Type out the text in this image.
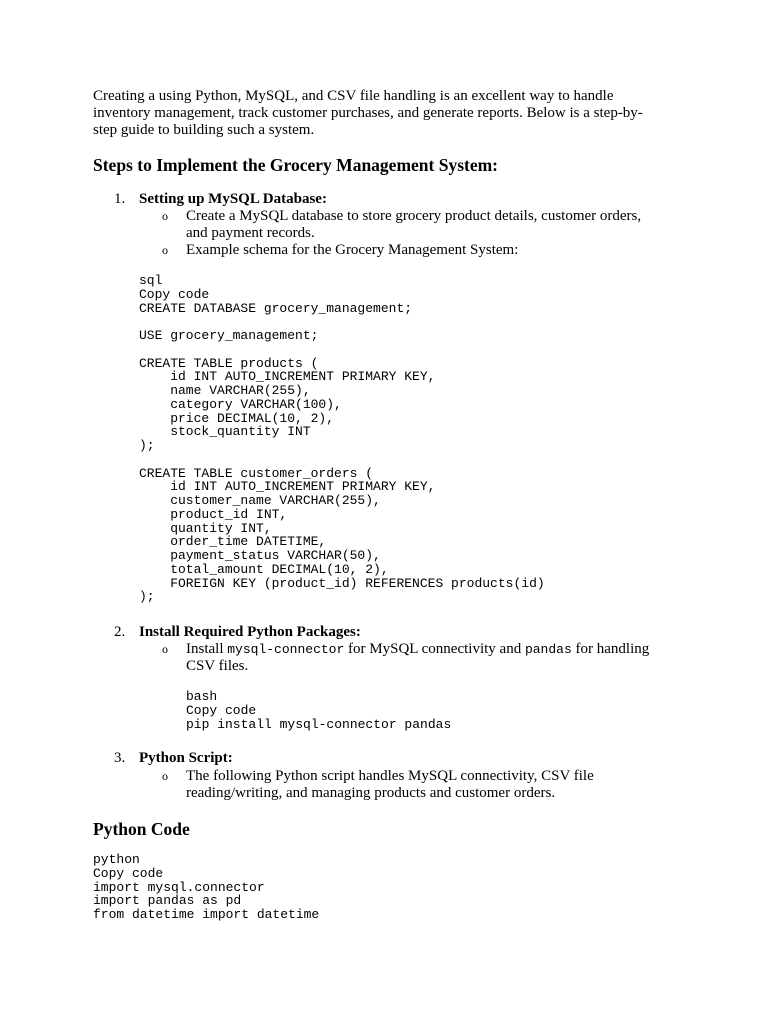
Creating a using Python, MySQL, and CSV file handling is an excellent way to handle
inventory management, track customer purchases, and generate reports. Below is a step-by-
step guide to building such a system.
Steps to Implement the Grocery Management System:
1. Setting up MySQL Database:
o Create a MySQL database to store grocery product details, customer orders, and payment records.
o Example schema for the Grocery Management System:
sql
Copy code
CREATE DATABASE grocery_management;

USE grocery_management;

CREATE TABLE products (
id INT AUTO_INCREMENT PRIMARY KEY,
name VARCHAR(255),
category VARCHAR(100),
price DECIMAL(10, 2),
stock_quantity INT
);

CREATE TABLE customer_orders (
id INT AUTO_INCREMENT PRIMARY KEY,
customer_name VARCHAR(255),
product_id INT,
quantity INT,
order_time DATETIME,
payment_status VARCHAR(50),
total_amount DECIMAL(10, 2),
FOREIGN KEY (product_id) REFERENCES products(id)
);
2. Install Required Python Packages:
o Install mysql-connector for MySQL connectivity and pandas for handling CSV files.
bash
Copy code
pip install mysql-connector pandas
3. Python Script:
o The following Python script handles MySQL connectivity, CSV file reading/writing, and managing products and customer orders.
Python Code
python
Copy code
import mysql.connector
import pandas as pd
from datetime import datetime
